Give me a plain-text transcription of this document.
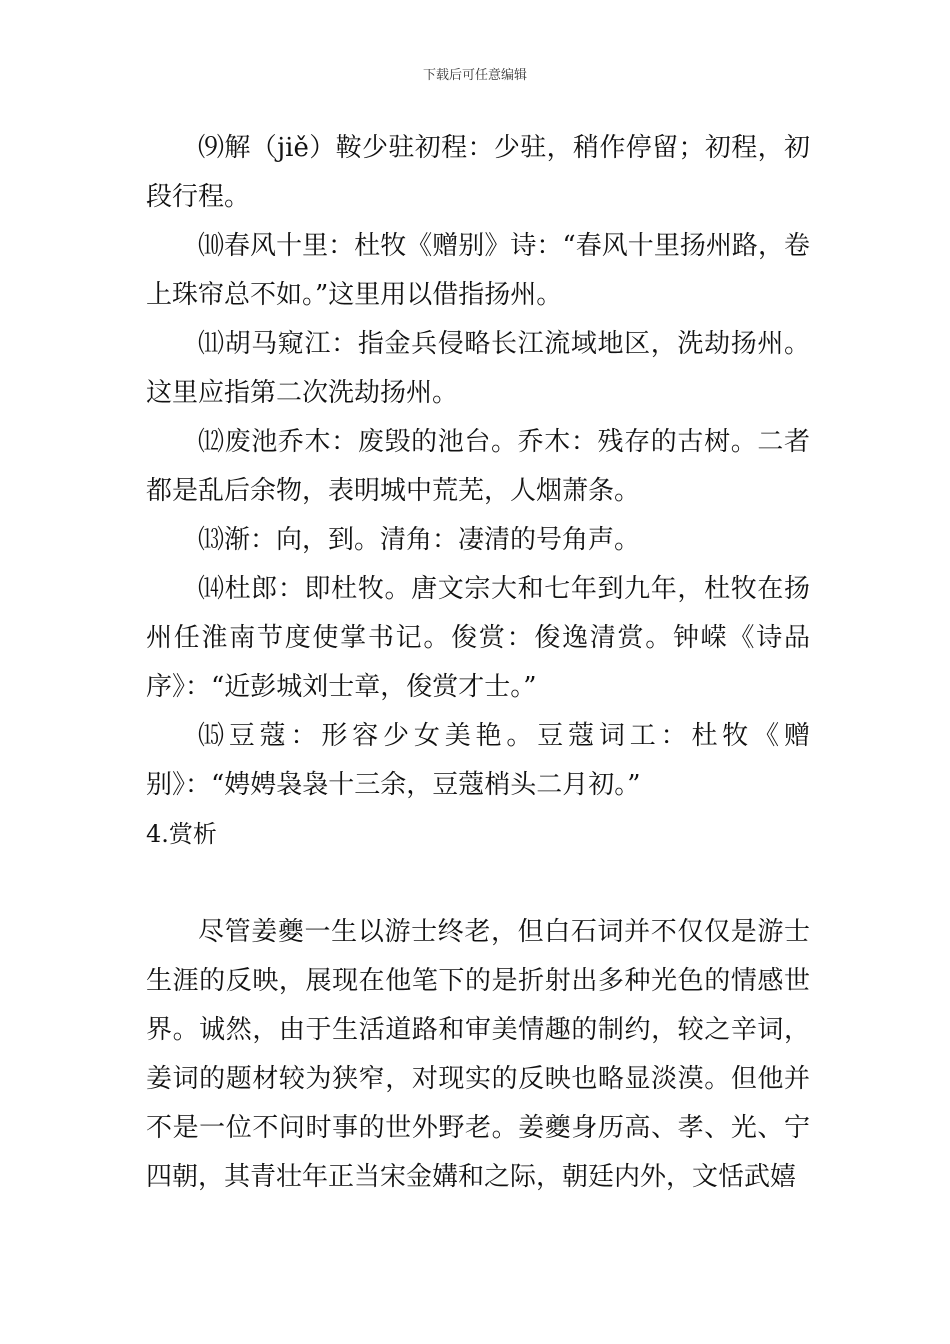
下载后可任意编辑

⑼解（jiě）鞍少驻初程：少驻，稍作停留；初程，初段行程。

⑽春风十里：杜牧《赠别》诗：“春风十里扬州路，卷上珠帘总不如。”这里用以借指扬州。

⑾胡马窥江：指金兵侵略长江流域地区，洗劫扬州。这里应指第二次洗劫扬州。

⑿废池乔木：废毁的池台。乔木：残存的古树。二者都是乱后余物，表明城中荒芜，人烟萧条。

⒀渐：向，到。清角：凄清的号角声。

⒁杜郎：即杜牧。唐文宗大和七年到九年，杜牧在扬州任淮南节度使掌书记。俊赏：俊逸清赏。钟嵘《诗品序》：“近彭城刘士章，俊赏才士。”

⒂豆蔻：形容少女美艳。豆蔻词工：杜牧《赠别》：“娉娉袅袅十三余，豆蔻梢头二月初。”

4.赏析

尽管姜夔一生以游士终老，但白石词并不仅仅是游士生涯的反映，展现在他笔下的是折射出多种光色的情感世界。诚然，由于生活道路和审美情趣的制约，较之辛词，姜词的题材较为狭窄，对现实的反映也略显淡漠。但他并不是一位不问时事的世外野老。姜夔身历高、孝、光、宁四朝，其青壮年正当宋金媾和之际，朝廷内外，文恬武嬉
